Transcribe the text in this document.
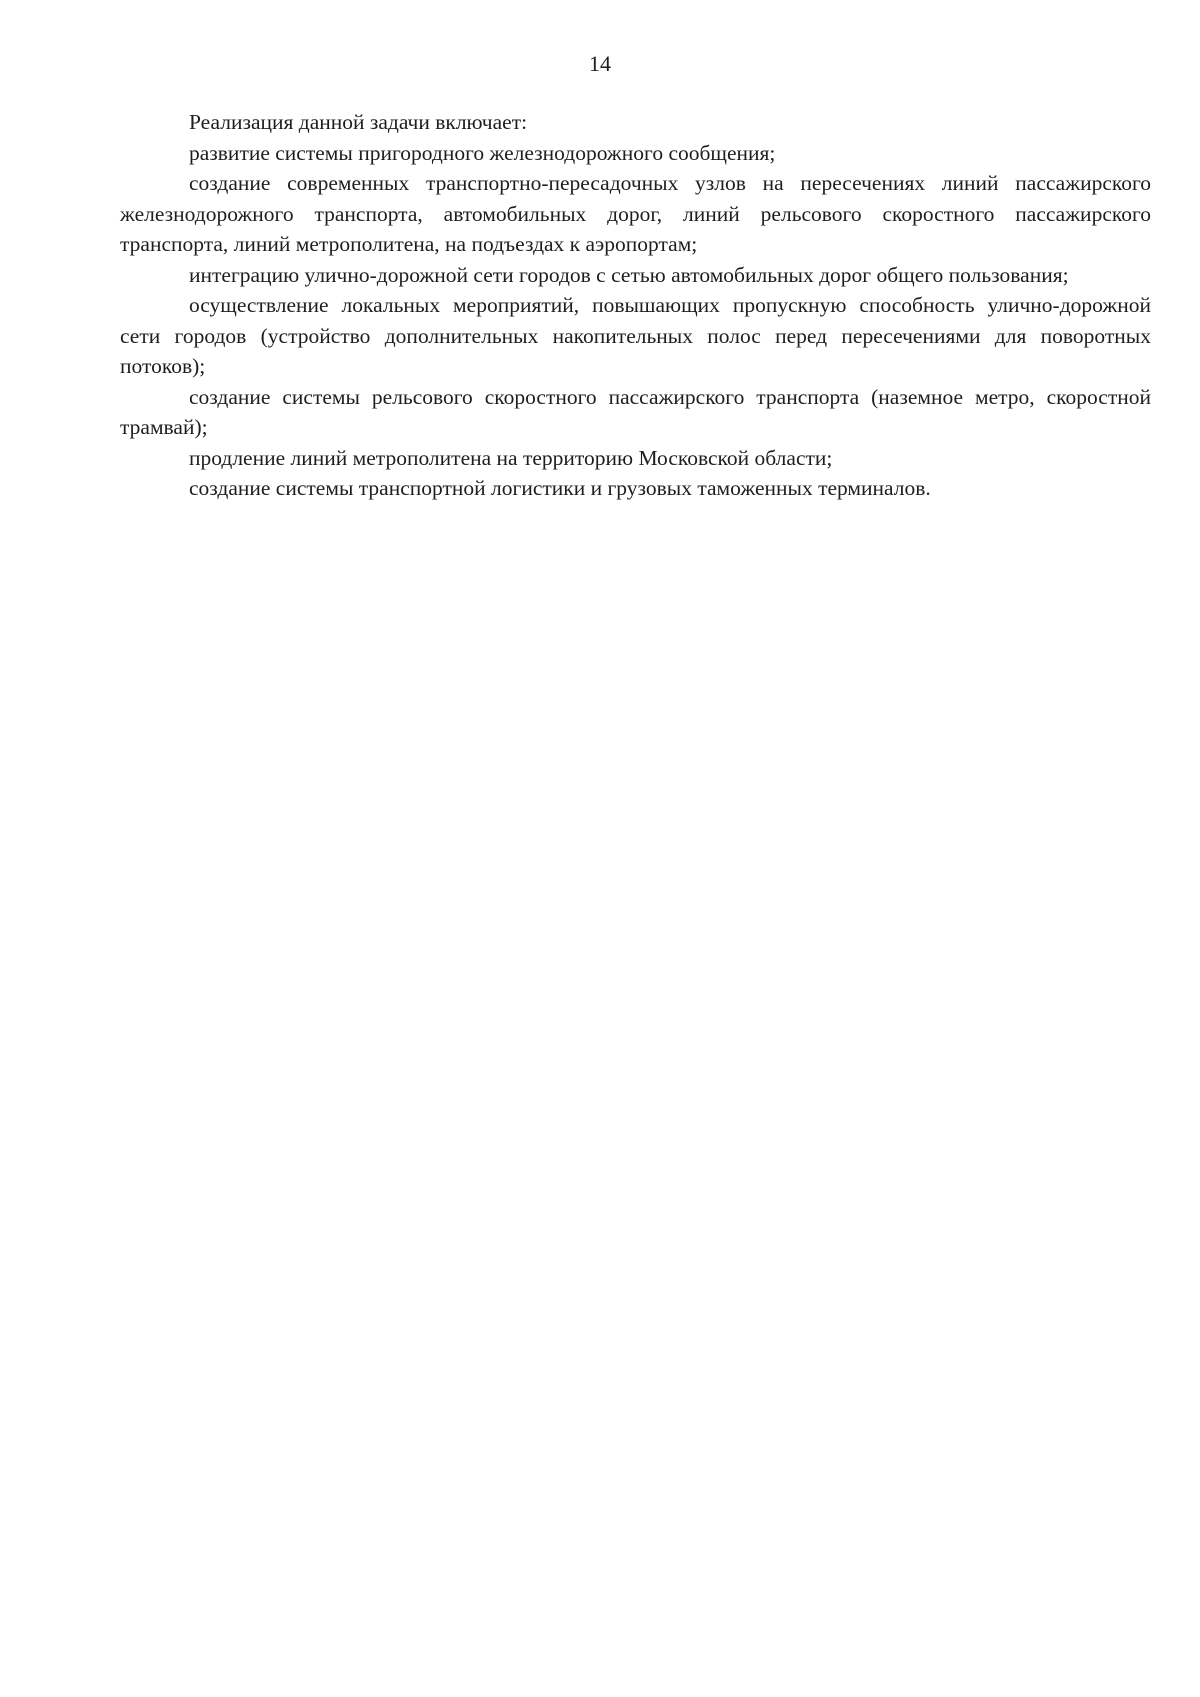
14

Реализация данной задачи включает:

развитие системы пригородного железнодорожного сообщения;

создание современных транспортно-пересадочных узлов на пересечениях линий пассажирского железнодорожного транспорта, автомобильных дорог, линий рельсового скоростного пассажирского транспорта, линий метрополитена, на подъездах к аэропортам;

интеграцию улично-дорожной сети городов с сетью автомобильных дорог общего пользования;

осуществление локальных мероприятий, повышающих пропускную способность улично-дорожной сети городов (устройство дополнительных накопительных полос перед пересечениями для поворотных потоков);

создание системы рельсового скоростного пассажирского транспорта (наземное метро, скоростной трамвай);

продление линий метрополитена на территорию Московской области;

создание системы транспортной логистики и грузовых таможенных терминалов.
